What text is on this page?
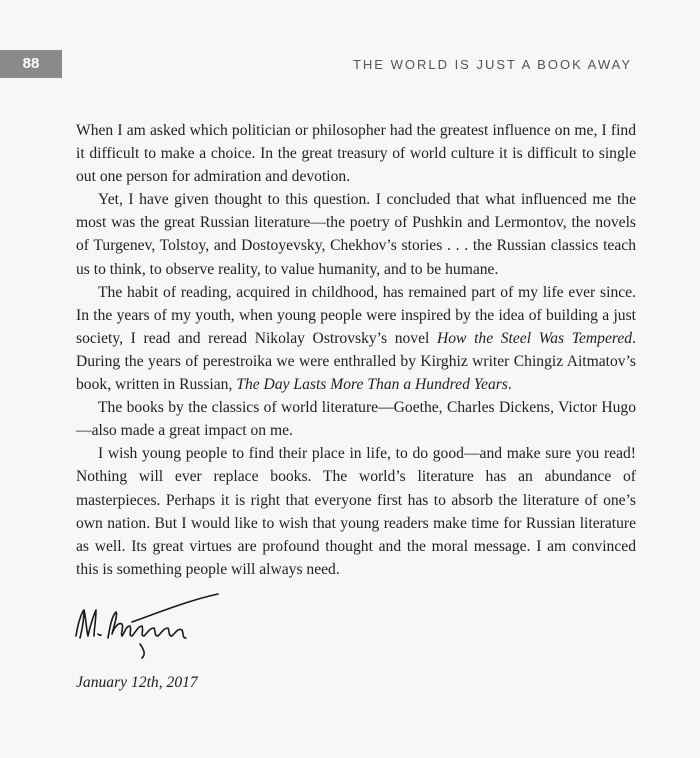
88	THE WORLD IS JUST A BOOK AWAY

When I am asked which politician or philosopher had the greatest influence on me, I find it difficult to make a choice. In the great treasury of world culture it is difficult to single out one person for admiration and devotion.

Yet, I have given thought to this question. I concluded that what influenced me the most was the great Russian literature—the poetry of Pushkin and Lermontov, the novels of Turgenev, Tolstoy, and Dostoyevsky, Chekhov’s stories . . . the Russian classics teach us to think, to observe reality, to value humanity, and to be humane.

The habit of reading, acquired in childhood, has remained part of my life ever since. In the years of my youth, when young people were inspired by the idea of building a just society, I read and reread Nikolay Ostrovsky’s novel How the Steel Was Tempered. During the years of perestroika we were enthralled by Kirghiz writer Chingiz Aitmatov’s book, written in Russian, The Day Lasts More Than a Hundred Years.

The books by the classics of world literature—Goethe, Charles Dickens, Victor Hugo—also made a great impact on me.

I wish young people to find their place in life, to do good—and make sure you read! Nothing will ever replace books. The world’s literature has an abundance of masterpieces. Perhaps it is right that everyone first has to absorb the literature of one’s own nation. But I would like to wish that young readers make time for Russian literature as well. Its great virtues are profound thought and the moral message. I am convinced this is something people will always need.

January 12th, 2017
